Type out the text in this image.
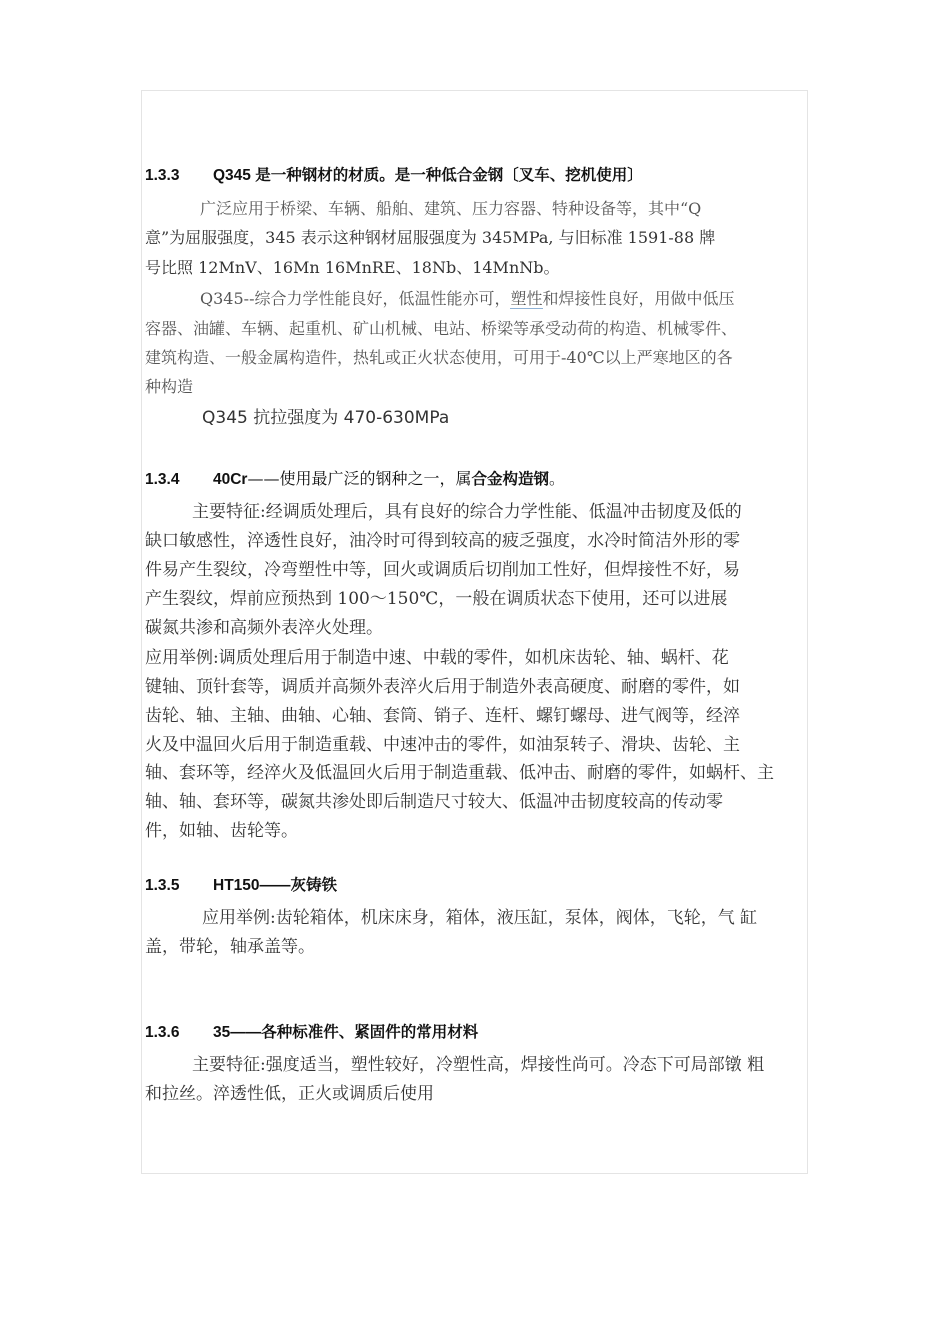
1.3.3 Q345 是一种钢材的材质。是一种低合金钢〔叉车、挖机使用〕
广泛应用于桥梁、车辆、船舶、建筑、压力容器、特种设备等，其中“Q
意”为屈服强度，345 表示这种钢材屈服强度为 345MPa, 与旧标准 1591-88 牌
号比照 12MnV、16Mn 16MnRE、18Nb、14MnNb。
Q345--综合力学性能良好，低温性能亦可，塑性和焊接性良好，用做中低压
容器、油罐、车辆、起重机、矿山机械、电站、桥梁等承受动荷的构造、机械零件、
建筑构造、一般金属构造件，热轧或正火状态使用，可用于-40℃以上严寒地区的各
种构造
Q345 抗拉强度为 470-630MPa
1.3.4 40Cr——使用最广泛的钢种之一，属合金构造钢。
主要特征:经调质处理后，具有良好的综合力学性能、低温冲击韧度及低的
缺口敏感性，淬透性良好，油冷时可得到较高的疲乏强度，水冷时简洁外形的零
件易产生裂纹，冷弯塑性中等，回火或调质后切削加工性好，但焊接性不好，易
产生裂纹，焊前应预热到 100～150℃，一般在调质状态下使用，还可以进展
碳氮共渗和高频外表淬火处理。
应用举例:调质处理后用于制造中速、中载的零件，如机床齿轮、轴、蜗杆、花
键轴、顶针套等，调质并高频外表淬火后用于制造外表高硬度、耐磨的零件，如
齿轮、轴、主轴、曲轴、心轴、套筒、销子、连杆、螺钉螺母、进气阀等，经淬
火及中温回火后用于制造重载、中速冲击的零件，如油泵转子、滑块、齿轮、主
轴、套环等，经淬火及低温回火后用于制造重载、低冲击、耐磨的零件，如蜗杆、主
轴、轴、套环等，碳氮共渗处即后制造尺寸较大、低温冲击韧度较高的传动零
件，如轴、齿轮等。
1.3.5 HT150——灰铸铁
应用举例:齿轮箱体，机床床身，箱体，液压缸，泵体，阀体，飞轮，气 缸
盖，带轮，轴承盖等。
1.3.6 35——各种标准件、紧固件的常用材料
主要特征:强度适当，塑性较好，冷塑性高，焊接性尚可。冷态下可局部镦 粗
和拉丝。淬透性低，正火或调质后使用
